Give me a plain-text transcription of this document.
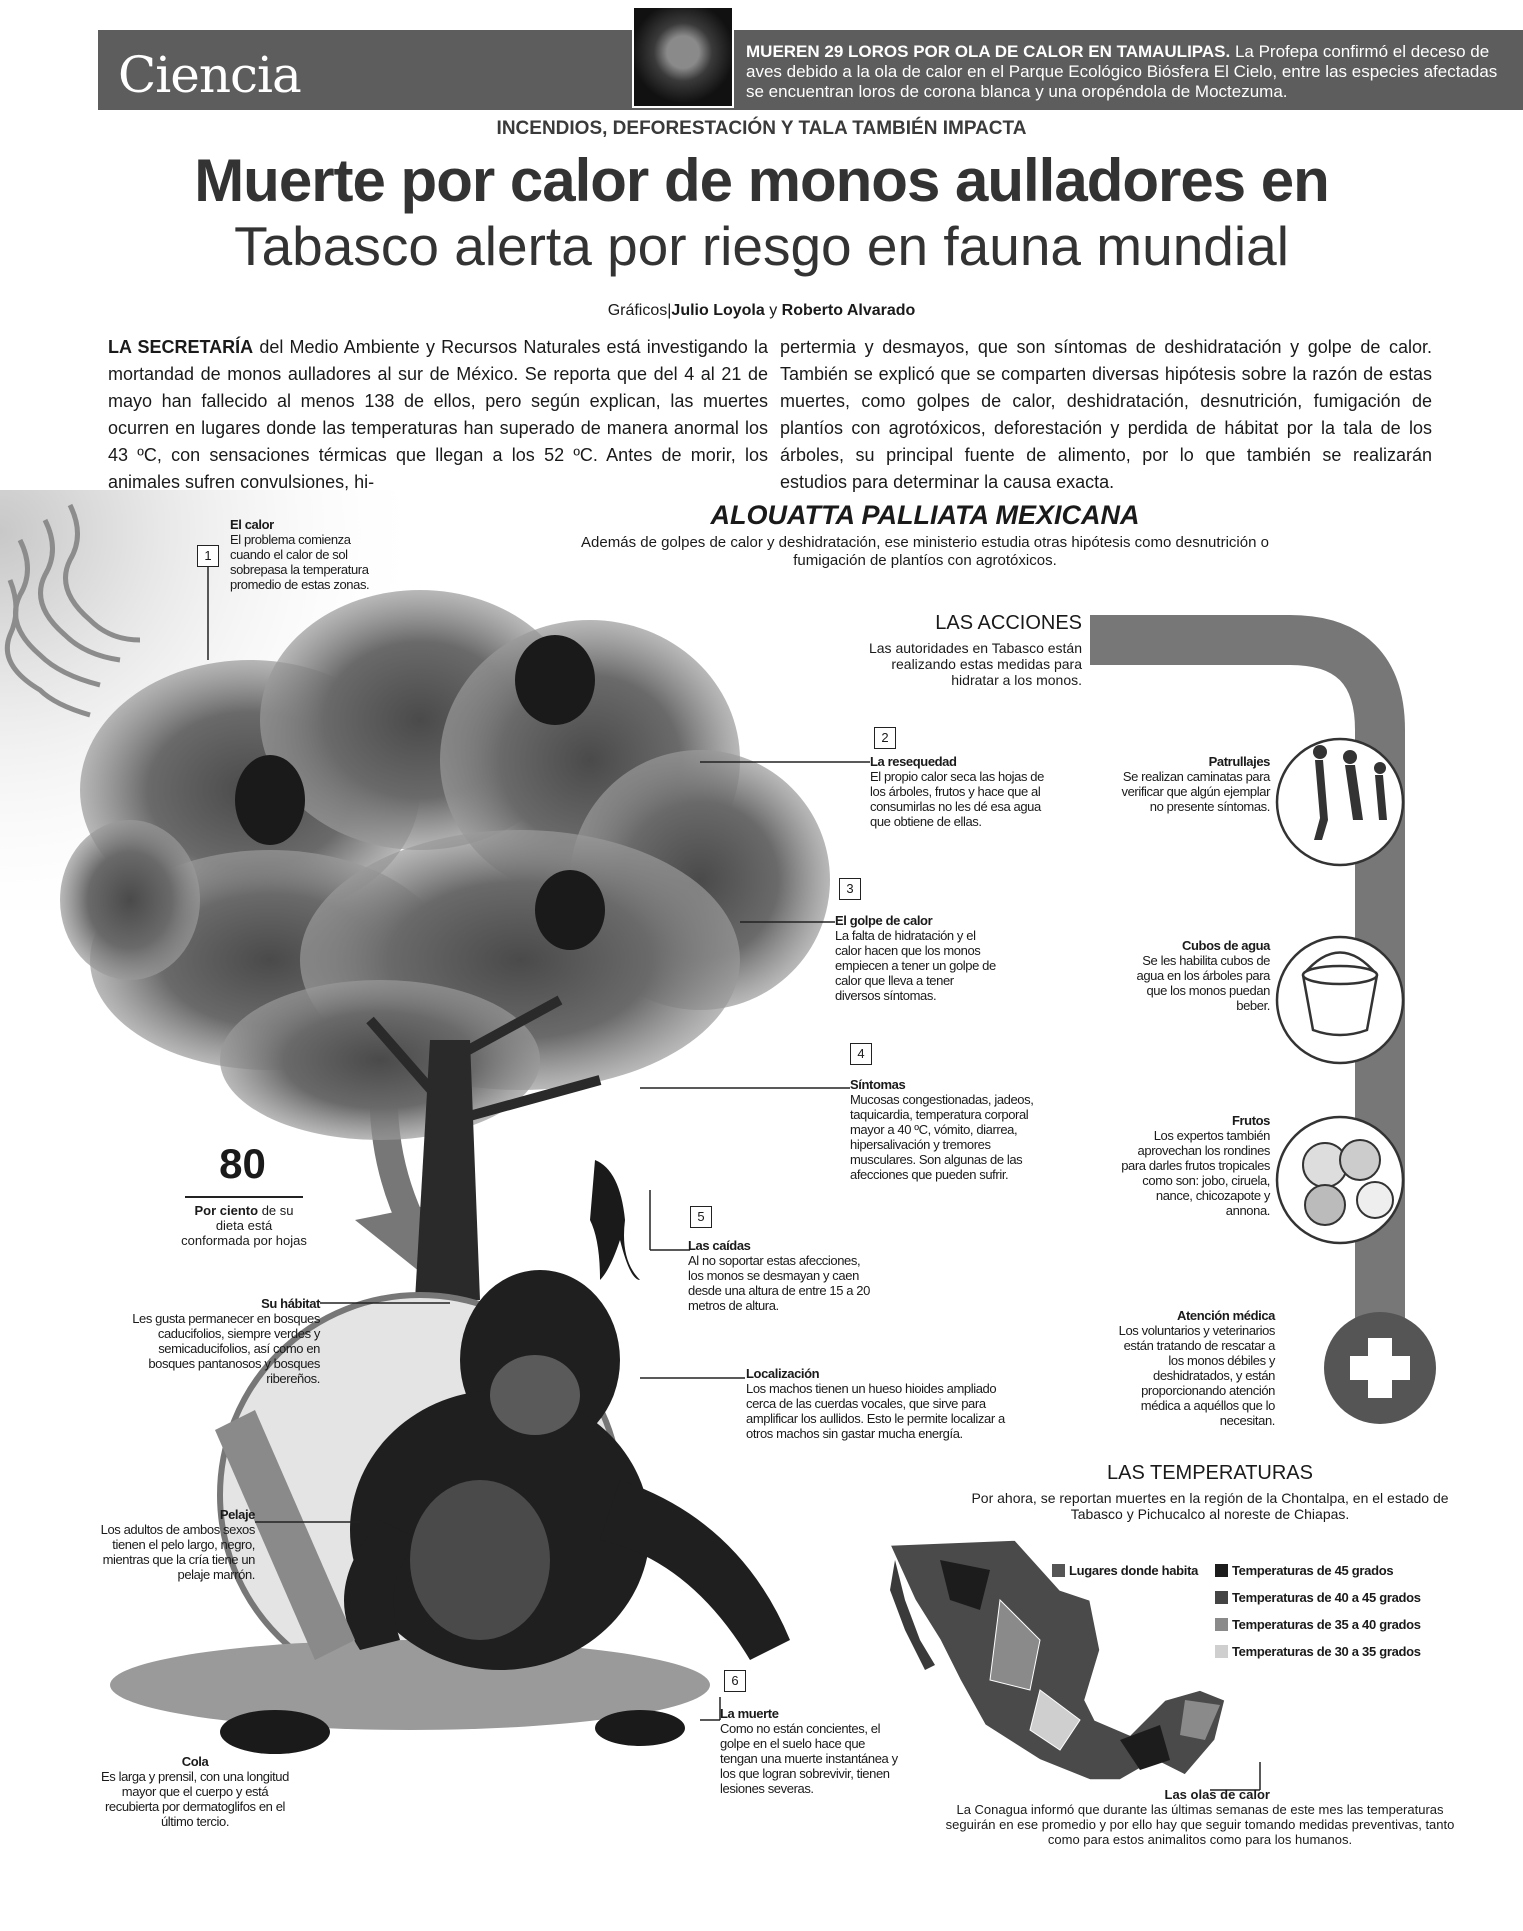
Ciencia	MUEREN 29 LOROS POR OLA DE CALOR EN TAMAULIPAS. La Profepa confirmó el deceso de aves debido a la ola de calor en el Parque Ecológico Biósfera El Cielo, entre las especies afectadas se encuentran loros de corona blanca y una oropéndola de Moctezuma.
INCENDIOS, DEFORESTACIÓN Y TALA TAMBIÉN IMPACTA
Muerte por calor de monos aulladores en
Tabasco alerta por riesgo en fauna mundial
Gráficos|Julio Loyola y Roberto Alvarado
LA SECRETARÍA del Medio Ambiente y Recursos Naturales está investigando la mortandad de monos aulladores al sur de México. Se reporta que del 4 al 21 de mayo han fallecido al menos 138 de ellos, pero según explican, las muertes ocurren en lugares donde las temperaturas han superado de manera anormal los 43 ºC, con sensaciones térmicas que llegan a los 52 ºC. Antes de morir, los animales sufren convulsiones, hi-
pertermia y desmayos, que son síntomas de deshidratación y golpe de calor. También se explicó que se comparten diversas hipótesis sobre la razón de estas muertes, como golpes de calor, deshidratación, desnutrición, fumigación de plantíos con agrotóxicos, deforestación y perdida de hábitat por la tala de los árboles, su principal fuente de alimento, por lo que también se realizarán estudios para determinar la causa exacta.
ALOUATTA PALLIATA MEXICANA
Además de golpes de calor y deshidratación, ese ministerio estudia otras hipótesis como desnutrición o fumigación de plantíos con agrotóxicos.
1
El calor
El problema comienza cuando el calor de sol sobrepasa la temperatura promedio de estas zonas.
2
La resequedad
El propio calor seca las hojas de los árboles, frutos y hace que al consumirlas no les dé esa agua que obtiene de ellas.
3
El golpe de calor
La falta de hidratación y el calor hacen que los monos empiecen a tener un golpe de calor que lleva a tener diversos síntomas.
4
Síntomas
Mucosas congestionadas, jadeos, taquicardia, temperatura corporal mayor a 40 ºC, vómito, diarrea, hipersalivación y tremores musculares. Son algunas de las afecciones que pueden sufrir.
5
Las caídas
Al no soportar estas afecciones, los monos se desmayan y caen desde una altura de entre 15 a 20 metros de altura.
6
La muerte
Como no están concientes, el golpe en el suelo hace que tengan una muerte instantánea y los que logran sobrevivir, tienen lesiones severas.
80
Por ciento de su dieta está conformada por hojas
Su hábitat
Les gusta permanecer en bosques caducifolios, siempre verdes y semicaducifolios, así como en bosques pantanosos y bosques ribereños.
Pelaje
Los adultos de ambos sexos tienen el pelo largo, negro, mientras que la cría tiene un pelaje marrón.
Cola
Es larga y prensil, con una longitud mayor que el cuerpo y está recubierta por dermatoglifos en el último tercio.
Localización
Los machos tienen un hueso hioides ampliado cerca de las cuerdas vocales, que sirve para amplificar los aullidos. Esto le permite localizar a otros machos sin gastar mucha energía.
LAS ACCIONES
Las autoridades en Tabasco están realizando estas medidas para hidratar a los monos.
Patrullajes
Se realizan caminatas para verificar que algún ejemplar no presente síntomas.
Cubos de agua
Se les habilita cubos de agua en los árboles para que los monos puedan beber.
Frutos
Los expertos también aprovechan los rondines para darles frutos tropicales como son: jobo, ciruela, nance, chicozapote y annona.
Atención médica
Los voluntarios y veterinarios están tratando de rescatar a los monos débiles y deshidratados, y están proporcionando atención médica a aquéllos que lo necesitan.
LAS TEMPERATURAS
Por ahora, se reportan muertes en la región de la Chontalpa, en el estado de Tabasco y Pichucalco al noreste de Chiapas.
Lugares donde habita	Temperaturas de 45 grados
Temperaturas de 40 a 45 grados
Temperaturas de 35 a 40 grados
Temperaturas de 30 a 35 grados
Las olas de calor
La Conagua informó que durante las últimas semanas de este mes las temperaturas seguirán en ese promedio y por ello hay que seguir tomando medidas preventivas, tanto como para estos animalitos como para los humanos.
